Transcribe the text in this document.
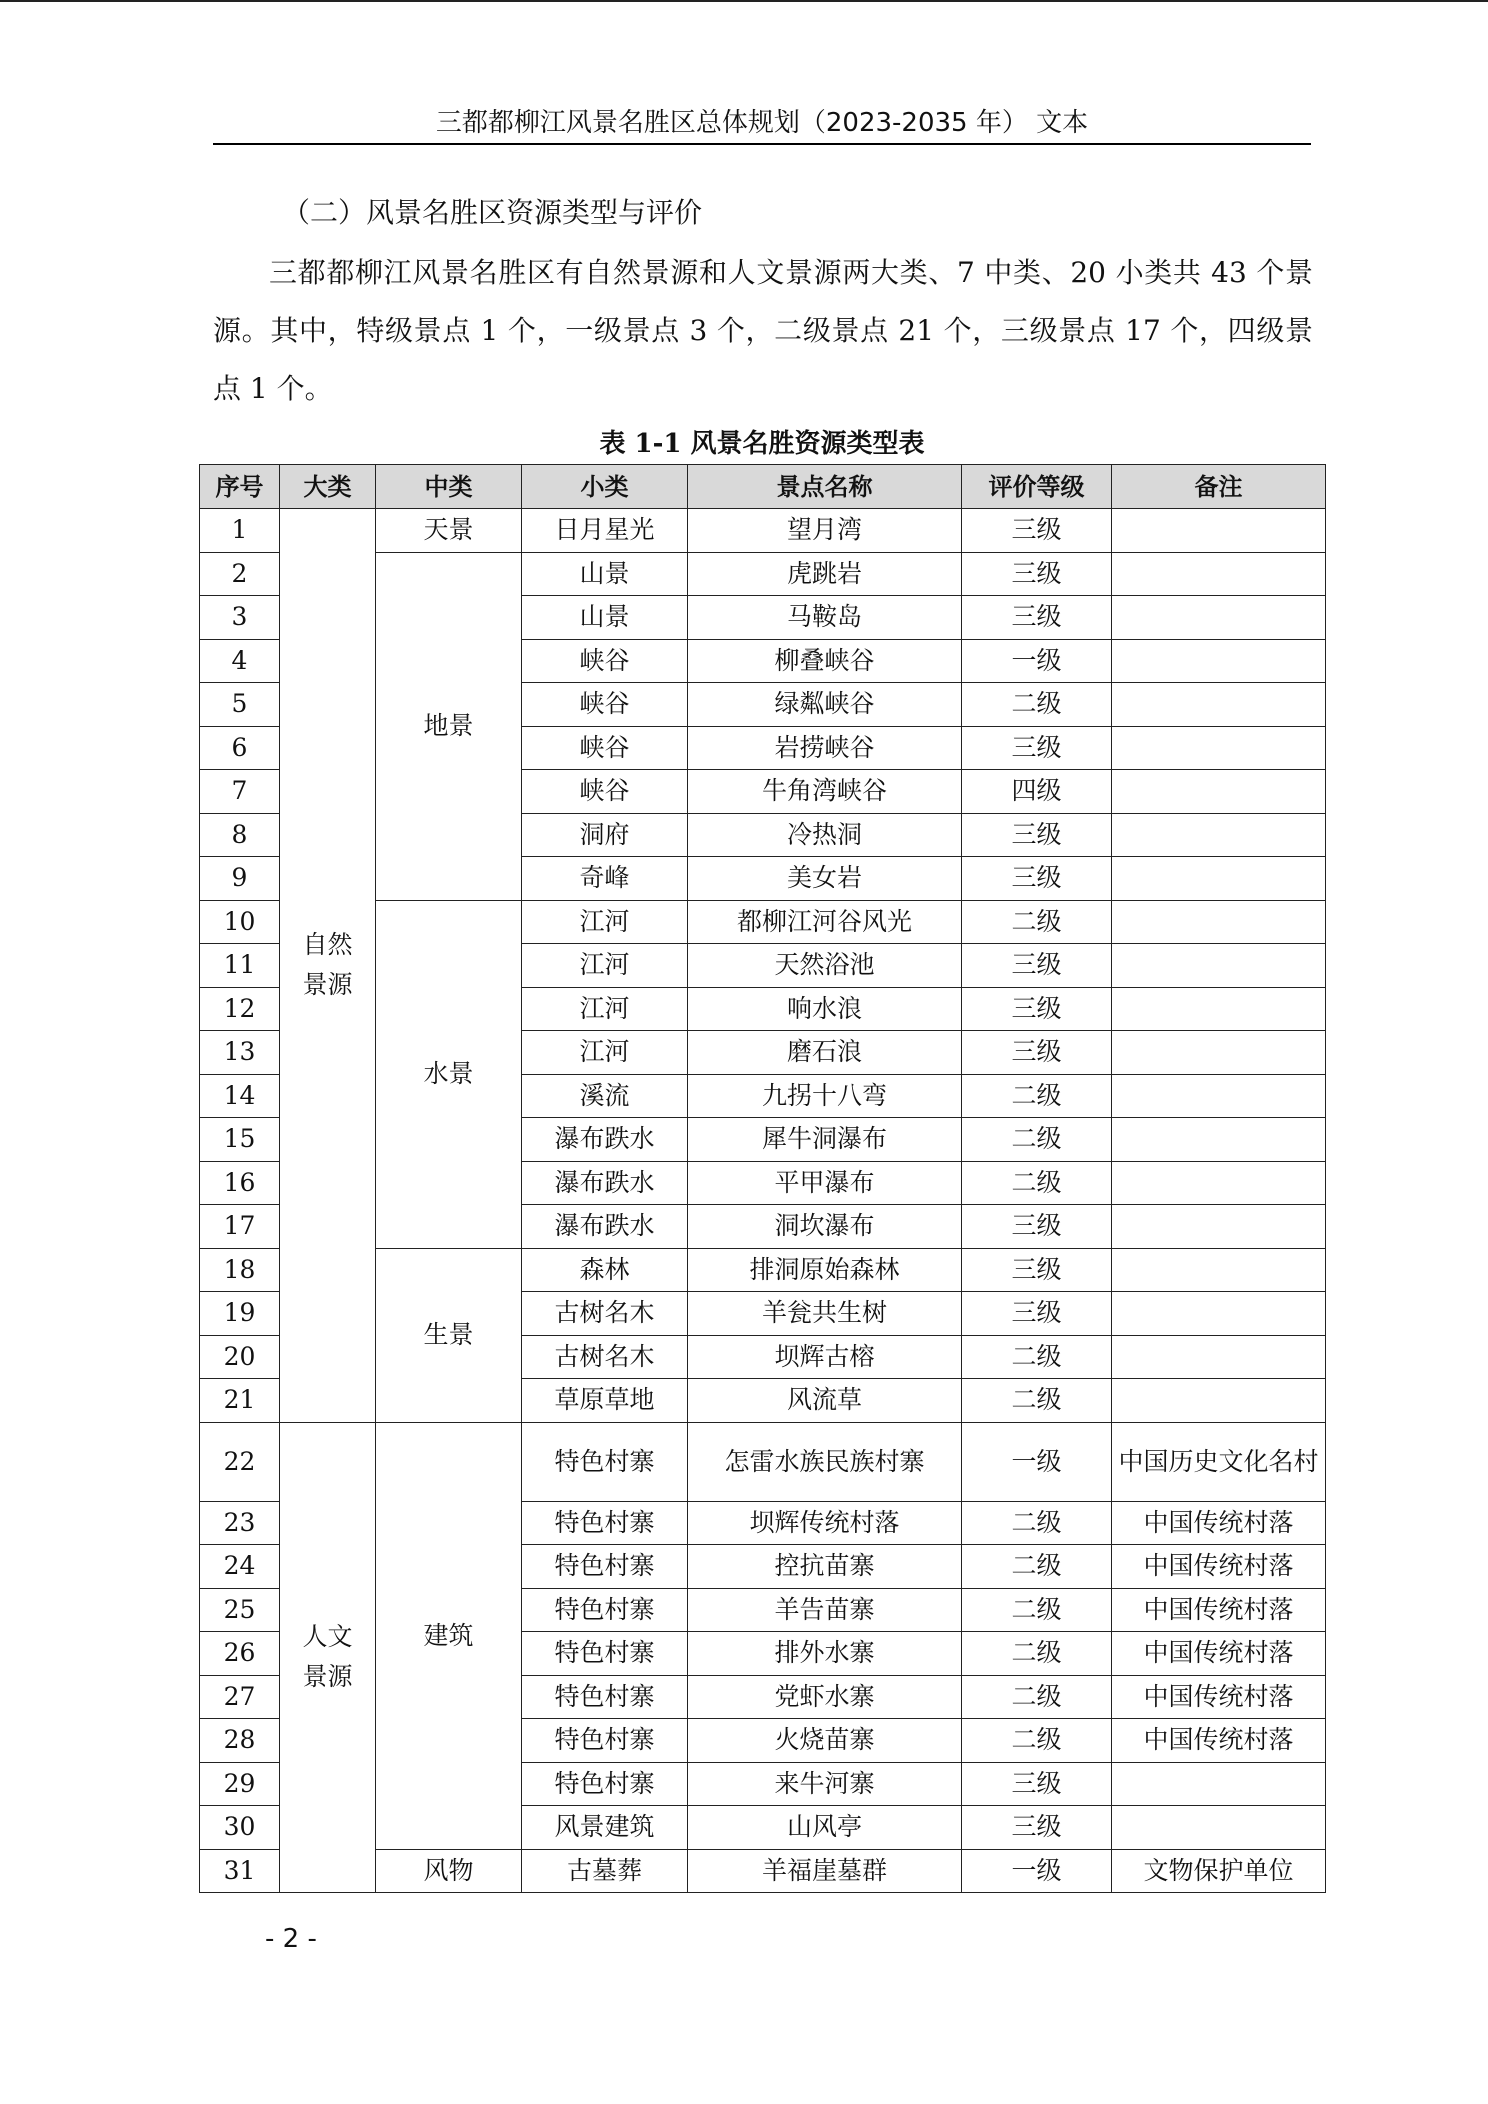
三都都柳江风景名胜区总体规划（2023-2035 年） 文本
（二）风景名胜区资源类型与评价
三都都柳江风景名胜区有自然景源和人文景源两大类、7 中类、20 小类共 43 个景源。其中，特级景点 1 个，一级景点 3 个，二级景点 21 个，三级景点 17 个，四级景点 1 个。
表 1-1 风景名胜资源类型表
序号	大类	中类	小类	景点名称	评价等级	备注
1	自然景源	天景	日月星光	望月湾	三级	
2		地景	山景	虎跳岩	三级	
3			山景	马鞍岛	三级	
4			峡谷	柳叠峡谷	一级	
5			峡谷	绿粼峡谷	二级	
6			峡谷	岩捞峡谷	三级	
7			峡谷	牛角湾峡谷	四级	
8			洞府	冷热洞	三级	
9			奇峰	美女岩	三级	
10		水景	江河	都柳江河谷风光	二级	
11			江河	天然浴池	三级	
12			江河	响水浪	三级	
13			江河	磨石浪	三级	
14			溪流	九拐十八弯	二级	
15			瀑布跌水	犀牛洞瀑布	二级	
16			瀑布跌水	平甲瀑布	二级	
17			瀑布跌水	洞坎瀑布	三级	
18		生景	森林	排洞原始森林	三级	
19			古树名木	羊瓮共生树	三级	
20			古树名木	坝辉古榕	二级	
21			草原草地	风流草	二级	
22	人文景源	建筑	特色村寨	怎雷水族民族村寨	一级	中国历史文化名村
23			特色村寨	坝辉传统村落	二级	中国传统村落
24			特色村寨	控抗苗寨	二级	中国传统村落
25			特色村寨	羊告苗寨	二级	中国传统村落
26			特色村寨	排外水寨	二级	中国传统村落
27			特色村寨	党虾水寨	二级	中国传统村落
28			特色村寨	火烧苗寨	二级	中国传统村落
29			特色村寨	来牛河寨	三级	
30			风景建筑	山风亭	三级	
31		风物	古墓葬	羊福崖墓群	一级	文物保护单位
- 2 -
